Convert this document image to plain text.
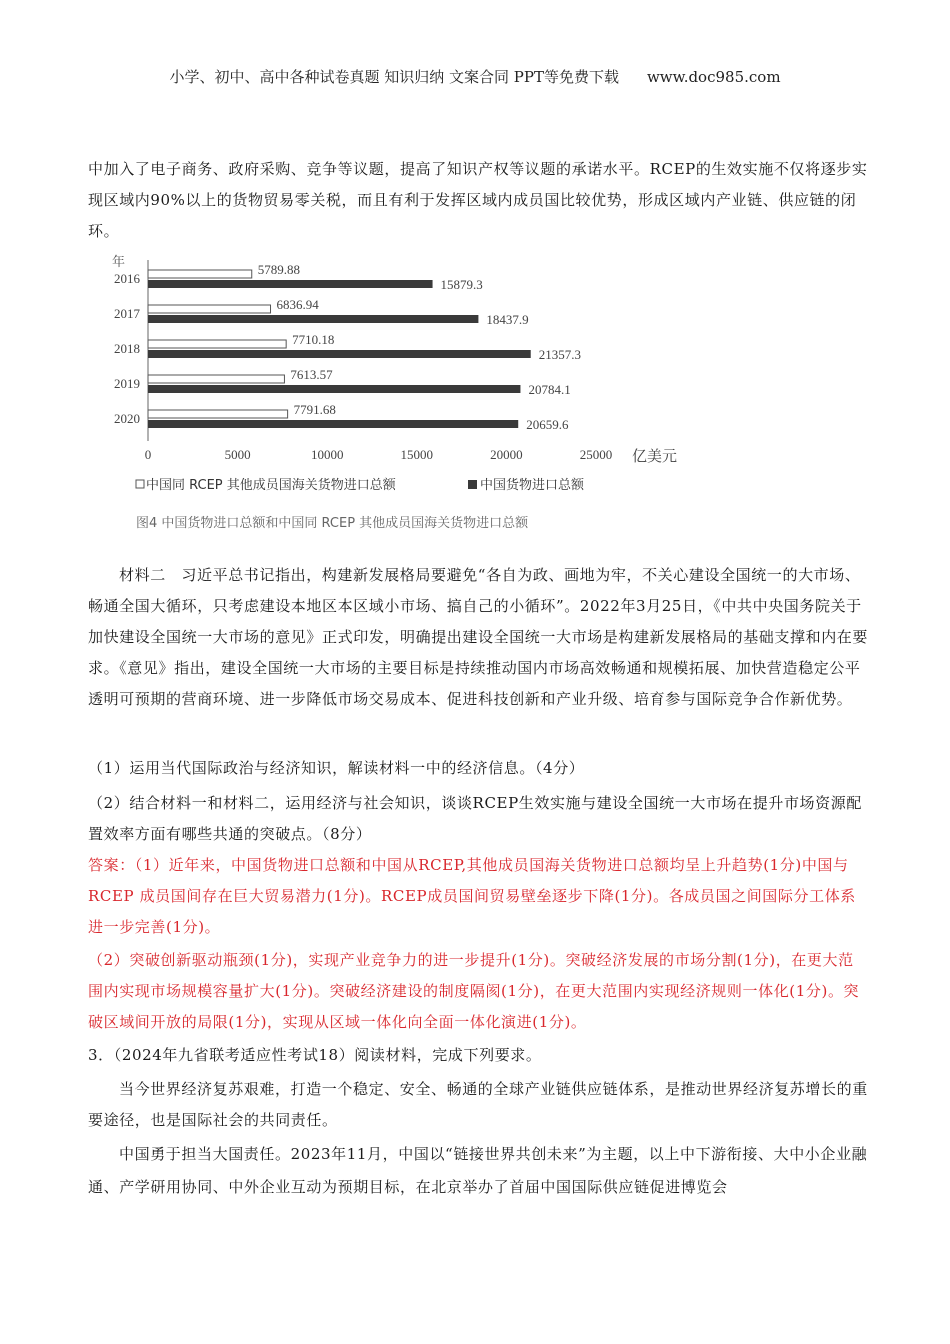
小学、初中、高中各种试卷真题 知识归纳 文案合同 PPT等免费下载 www.doc985.com
中加入了电子商务、政府采购、竞争等议题，提高了知识产权等议题的承诺水平。RCEP的生效实施不仅将逐步实现区域内90%以上的货物贸易零关税，而且有利于发挥区域内成员国比较优势，形成区域内产业链、供应链的闭环。
年
2016
5789.88
15879.3
2017
6836.94
18437.9
2018
7710.18
21357.3
2019
7613.57
20784.1
2020
7791.68
20659.6
0	5000	10000	15000	20000	25000 亿美元
中国同 RCEP 其他成员国海关货物进口总额	中国货物进口总额
图4 中国货物进口总额和中国同 RCEP 其他成员国海关货物进口总额
材料二　习近平总书记指出，构建新发展格局要避免“各自为政、画地为牢，不关心建设全国统一的大市场、畅通全国大循环，只考虑建设本地区本区域小市场、搞自己的小循环”。2022年3月25日，《中共中央国务院关于加快建设全国统一大市场的意见》正式印发，明确提出建设全国统一大市场是构建新发展格局的基础支撑和内在要求。《意见》指出，建设全国统一大市场的主要目标是持续推动国内市场高效畅通和规模拓展、加快营造稳定公平透明可预期的营商环境、进一步降低市场交易成本、促进科技创新和产业升级、培育参与国际竞争合作新优势。
（1）运用当代国际政治与经济知识，解读材料一中的经济信息。（4分）
（2）结合材料一和材料二，运用经济与社会知识，谈谈RCEP生效实施与建设全国统一大市场在提升市场资源配置效率方面有哪些共通的突破点。（8分）
答案：（1）近年来，中国货物进口总额和中国从RCEP,其他成员国海关货物进口总额均呈上升趋势(1分)中国与 RCEP 成员国间存在巨大贸易潜力(1分)。RCEP成员国间贸易壁垒逐步下降(1分)。各成员国之间国际分工体系进一步完善(1分)。
（2）突破创新驱动瓶颈(1分)，实现产业竞争力的进一步提升(1分)。突破经济发展的市场分割(1分)，在更大范围内实现市场规模容量扩大(1分)。突破经济建设的制度隔阂(1分)，在更大范围内实现经济规则一体化(1分)。突破区域间开放的局限(1分)，实现从区域一体化向全面一体化演进(1分)。
3．（2024年九省联考适应性考试18）阅读材料，完成下列要求。
当今世界经济复苏艰难，打造一个稳定、安全、畅通的全球产业链供应链体系，是推动世界经济复苏增长的重要途径，也是国际社会的共同责任。
中国勇于担当大国责任。2023年11月，中国以“链接世界共创未来”为主题，以上中下游衔接、大中小企业融通、产学研用协同、中外企业互动为预期目标，在北京举办了首届中国国际供应链促进博览会
